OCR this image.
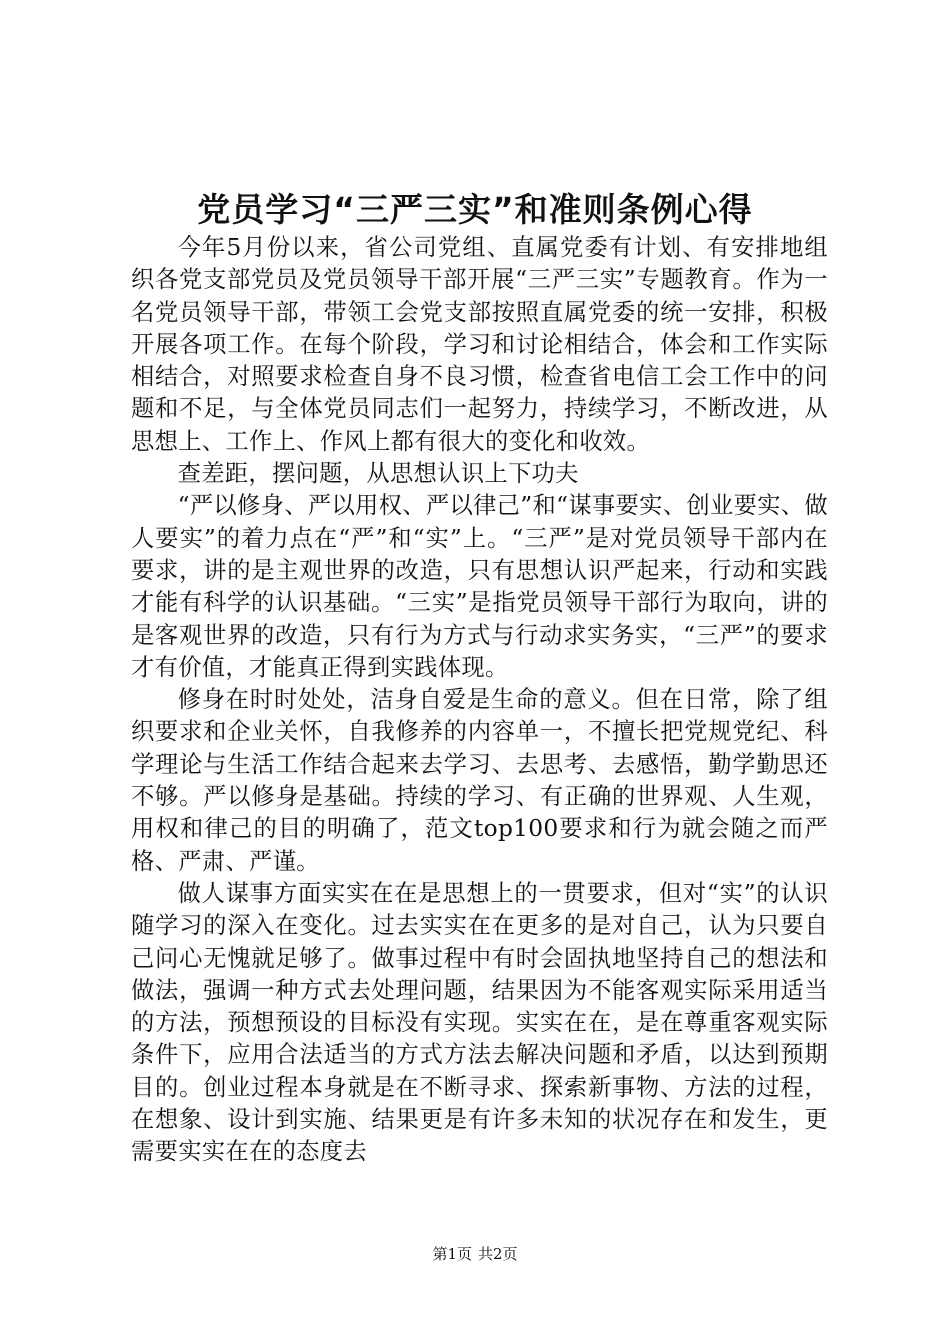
党员学习“三严三实”和准则条例心得

今年5月份以来，省公司党组、直属党委有计划、有安排地组织各党支部党员及党员领导干部开展“三严三实”专题教育。作为一名党员领导干部，带领工会党支部按照直属党委的统一安排，积极开展各项工作。在每个阶段，学习和讨论相结合，体会和工作实际相结合，对照要求检查自身不良习惯，检查省电信工会工作中的问题和不足，与全体党员同志们一起努力，持续学习，不断改进，从思想上、工作上、作风上都有很大的变化和收效。

查差距，摆问题，从思想认识上下功夫

“严以修身、严以用权、严以律己”和“谋事要实、创业要实、做人要实”的着力点在“严”和“实”上。“三严”是对党员领导干部内在要求，讲的是主观世界的改造，只有思想认识严起来，行动和实践才能有科学的认识基础。“三实”是指党员领导干部行为取向，讲的是客观世界的改造，只有行为方式与行动求实务实，“三严”的要求才有价值，才能真正得到实践体现。

修身在时时处处，洁身自爱是生命的意义。但在日常，除了组织要求和企业关怀，自我修养的内容单一，不擅长把党规党纪、科学理论与生活工作结合起来去学习、去思考、去感悟，勤学勤思还不够。严以修身是基础。持续的学习、有正确的世界观、人生观，用权和律己的目的明确了，范文top100要求和行为就会随之而严格、严肃、严谨。

做人谋事方面实实在在是思想上的一贯要求，但对“实”的认识随学习的深入在变化。过去实实在在更多的是对自己，认为只要自己问心无愧就足够了。做事过程中有时会固执地坚持自己的想法和做法，强调一种方式去处理问题，结果因为不能客观实际采用适当的方法，预想预设的目标没有实现。实实在在，是在尊重客观实际条件下，应用合法适当的方式方法去解决问题和矛盾，以达到预期目的。创业过程本身就是在不断寻求、探索新事物、方法的过程，在想象、设计到实施、结果更是有许多未知的状况存在和发生，更需要实实在在的态度去

第1页 共2页
